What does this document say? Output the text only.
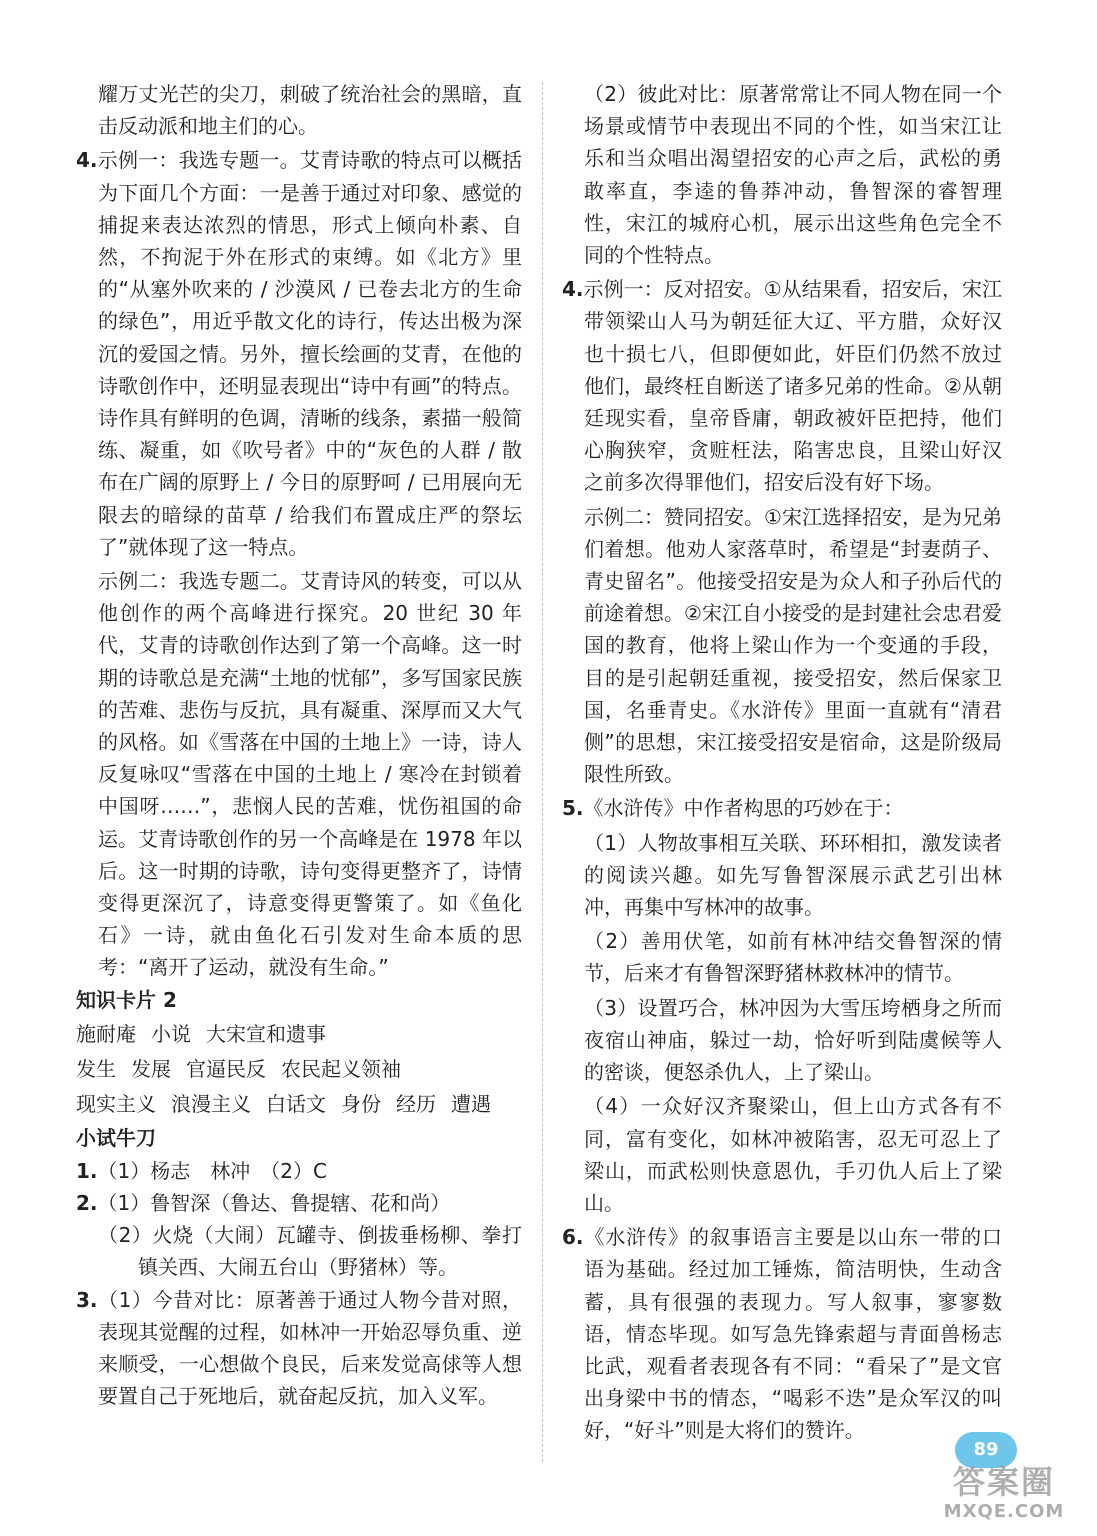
耀万丈光芒的尖刀，刺破了统治社会的黑暗，直击反动派和地主们的心。

4.示例一：我选专题一。艾青诗歌的特点可以概括为下面几个方面：一是善于通过对印象、感觉的捕捉来表达浓烈的情思，形式上倾向朴素、自然，不拘泥于外在形式的束缚。如《北方》里的“从塞外吹来的 / 沙漠风 / 已卷去北方的生命的绿色”，用近乎散文化的诗行，传达出极为深沉的爱国之情。另外，擅长绘画的艾青，在他的诗歌创作中，还明显表现出“诗中有画”的特点。诗作具有鲜明的色调，清晰的线条，素描一般简练、凝重，如《吹号者》中的“灰色的人群 / 散布在广阔的原野上 / 今日的原野呵 / 已用展向无限去的暗绿的苗草 / 给我们布置成庄严的祭坛了”就体现了这一特点。

示例二：我选专题二。艾青诗风的转变，可以从他创作的两个高峰进行探究。20 世纪 30 年代，艾青的诗歌创作达到了第一个高峰。这一时期的诗歌总是充满“土地的忧郁”，多写国家民族的苦难、悲伤与反抗，具有凝重、深厚而又大气的风格。如《雪落在中国的土地上》一诗，诗人反复咏叹“雪落在中国的土地上 / 寒冷在封锁着中国呀……”，悲悯人民的苦难，忧伤祖国的命运。艾青诗歌创作的另一个高峰是在 1978 年以后。这一时期的诗歌，诗句变得更整齐了，诗情变得更深沉了，诗意变得更警策了。如《鱼化石》一诗，就由鱼化石引发对生命本质的思考：“离开了运动，就没有生命。”

知识卡片 2

施耐庵 小说 大宋宣和遗事

发生 发展 官逼民反 农民起义领袖

现实主义 浪漫主义 白话文 身份 经历 遭遇

小试牛刀

1.（1）杨志　林冲　（2）C

2.（1）鲁智深（鲁达、鲁提辖、花和尚）

（2）火烧（大闹）瓦罐寺、倒拔垂杨柳、拳打镇关西、大闹五台山（野猪林）等。

3.（1）今昔对比：原著善于通过人物今昔对照，表现其觉醒的过程，如林冲一开始忍辱负重、逆来顺受，一心想做个良民，后来发觉高俅等人想要置自己于死地后，就奋起反抗，加入义军。

（2）彼此对比：原著常常让不同人物在同一个场景或情节中表现出不同的个性，如当宋江让乐和当众唱出渴望招安的心声之后，武松的勇敢率直，李逵的鲁莽冲动，鲁智深的睿智理性，宋江的城府心机，展示出这些角色完全不同的个性特点。

4.示例一：反对招安。①从结果看，招安后，宋江带领梁山人马为朝廷征大辽、平方腊，众好汉也十损七八，但即便如此，奸臣们仍然不放过他们，最终枉自断送了诸多兄弟的性命。②从朝廷现实看，皇帝昏庸，朝政被奸臣把持，他们心胸狭窄，贪赃枉法，陷害忠良，且梁山好汉之前多次得罪他们，招安后没有好下场。

示例二：赞同招安。①宋江选择招安，是为兄弟们着想。他劝人家落草时，希望是“封妻荫子、青史留名”。他接受招安是为众人和子孙后代的前途着想。②宋江自小接受的是封建社会忠君爱国的教育，他将上梁山作为一个变通的手段，目的是引起朝廷重视，接受招安，然后保家卫国，名垂青史。《水浒传》里面一直就有“清君侧”的思想，宋江接受招安是宿命，这是阶级局限性所致。

5.《水浒传》中作者构思的巧妙在于：

（1）人物故事相互关联、环环相扣，激发读者的阅读兴趣。如先写鲁智深展示武艺引出林冲，再集中写林冲的故事。

（2）善用伏笔，如前有林冲结交鲁智深的情节，后来才有鲁智深野猪林救林冲的情节。

（3）设置巧合，林冲因为大雪压垮栖身之所而夜宿山神庙，躲过一劫，恰好听到陆虞候等人的密谈，便怒杀仇人，上了梁山。

（4）一众好汉齐聚梁山，但上山方式各有不同，富有变化，如林冲被陷害，忍无可忍上了梁山，而武松则快意恩仇，手刃仇人后上了梁山。

6.《水浒传》的叙事语言主要是以山东一带的口语为基础。经过加工锤炼，简洁明快，生动含蓄，具有很强的表现力。写人叙事，寥寥数语，情态毕现。如写急先锋索超与青面兽杨志比武，观看者表现各有不同：“看呆了”是文官出身梁中书的情态，“喝彩不迭”是众军汉的叫好，“好斗”则是大将们的赞许。

89
答案圈
MXQE.COM
